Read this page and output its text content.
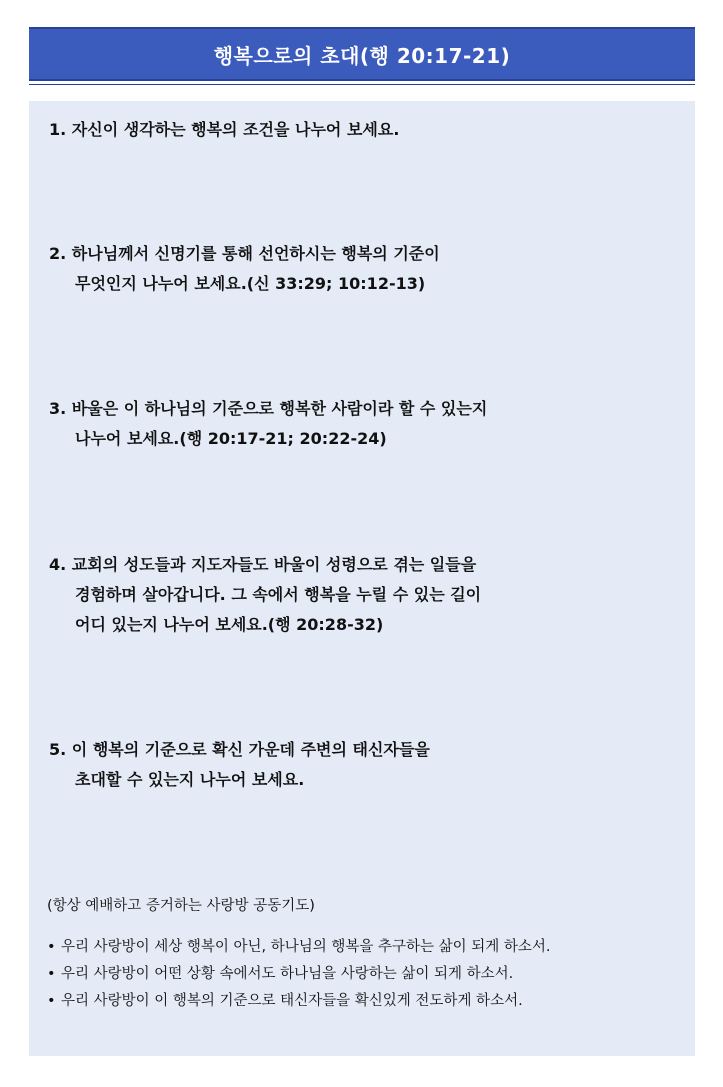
행복으로의 초대(행 20:17-21)
1. 자신이 생각하는 행복의 조건을 나누어 보세요.
2. 하나님께서 신명기를 통해 선언하시는 행복의 기준이
무엇인지 나누어 보세요.(신 33:29; 10:12-13)
3. 바울은 이 하나님의 기준으로 행복한 사람이라 할 수 있는지
나누어 보세요.(행 20:17-21; 20:22-24)
4. 교회의 성도들과 지도자들도 바울이 성령으로 겪는 일들을
경험하며 살아갑니다. 그 속에서 행복을 누릴 수 있는 길이
어디 있는지 나누어 보세요.(행 20:28-32)
5. 이 행복의 기준으로 확신 가운데 주변의 태신자들을
초대할 수 있는지 나누어 보세요.
(항상 예배하고 증거하는 사랑방 공동기도)
• 우리 사랑방이 세상 행복이 아닌, 하나님의 행복을 추구하는 삶이 되게 하소서.
• 우리 사랑방이 어떤 상황 속에서도 하나님을 사랑하는 삶이 되게 하소서.
• 우리 사랑방이 이 행복의 기준으로 태신자들을 확신있게 전도하게 하소서.
